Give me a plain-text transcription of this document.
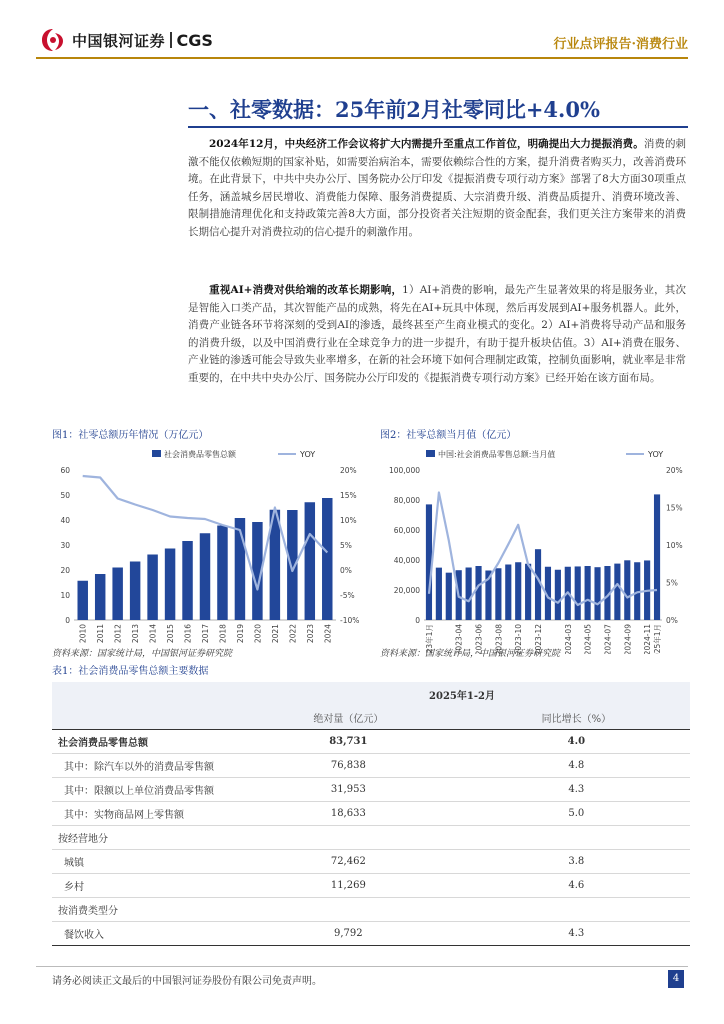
中国银河证券 CGS	行业点评报告·消费行业
一、社零数据：25年前2月社零同比+4.0%

2024年12月，中央经济工作会议将扩大内需提升至重点工作首位，明确提出大力提振消费。消费的刺激不能仅依赖短期的国家补贴，如需要治病治本，需要依赖综合性的方案，提升消费者购买力，改善消费环境。在此背景下，中共中央办公厅、国务院办公厅印发《提振消费专项行动方案》部署了8大方面30项重点任务，涵盖城乡居民增收、消费能力保障、服务消费提质、大宗消费升级、消费品质提升、消费环境改善、限制措施清理优化和支持政策完善8大方面，部分投资者关注短期的资金配套，我们更关注方案带来的消费长期信心提升对消费拉动的信心提升的刺激作用。

重视AI+消费对供给端的改革长期影响，1）AI+消费的影响，最先产生显著效果的将是服务业，其次是智能入口类产品，其次智能产品的成熟，将先在AI+玩具中体现，然后再发展到AI+服务机器人。此外，消费产业链各环节将深刻的受到AI的渗透，最终甚至产生商业模式的变化。2）AI+消费将导动产品和服务的消费升级，以及中国消费行业在全球竞争力的进一步提升，有助于提升板块估值。3）AI+消费在服务、产业链的渗透可能会导致失业率增多，在新的社会环境下如何合理制定政策，控制负面影响，就业率是非常重要的，在中共中央办公厅、国务院办公厅印发的《提振消费专项行动方案》已经开始在该方面布局。

图1：社零总额历年情况（万亿元）
社会消费品零售总额	YOY
0
10
20
30
40
50
60
-10%
-5%
0%
5%
10%
15%
20%
2010 2011 2012 2013 2014 2015 2016 2017 2018 2019 2020 2021 2022 2023 2024
资料来源：国家统计局，中国银河证券研究院
图2：社零总额当月值（亿元）
中国:社会消费品零售总额:当月值	YOY
0
20,000
40,000
60,000
80,000
100,000
0%
5%
10%
15%
20%
2023年1月	2023-04 2023-06 2023-08 2023-10 2023-12	2024-03 2024-05 2024-07 2024-09 2024-11 2025年1月
资料来源：国家统计局，中国银河证券研究院
表1：社会消费品零售总额主要数据
	2025年1-2月	
	绝对量（亿元）	同比增长（%）
社会消费品零售总额	83,731	4.0
其中：除汽车以外的消费品零售额	76,838	4.8
其中：限额以上单位消费品零售额	31,953	4.3
其中：实物商品网上零售额	18,633	5.0
按经营地分		
城镇	72,462	3.8
乡村	11,269	4.6
按消费类型分		
餐饮收入	9,792	4.3
请务必阅读正文最后的中国银河证券股份有限公司免责声明。	4
